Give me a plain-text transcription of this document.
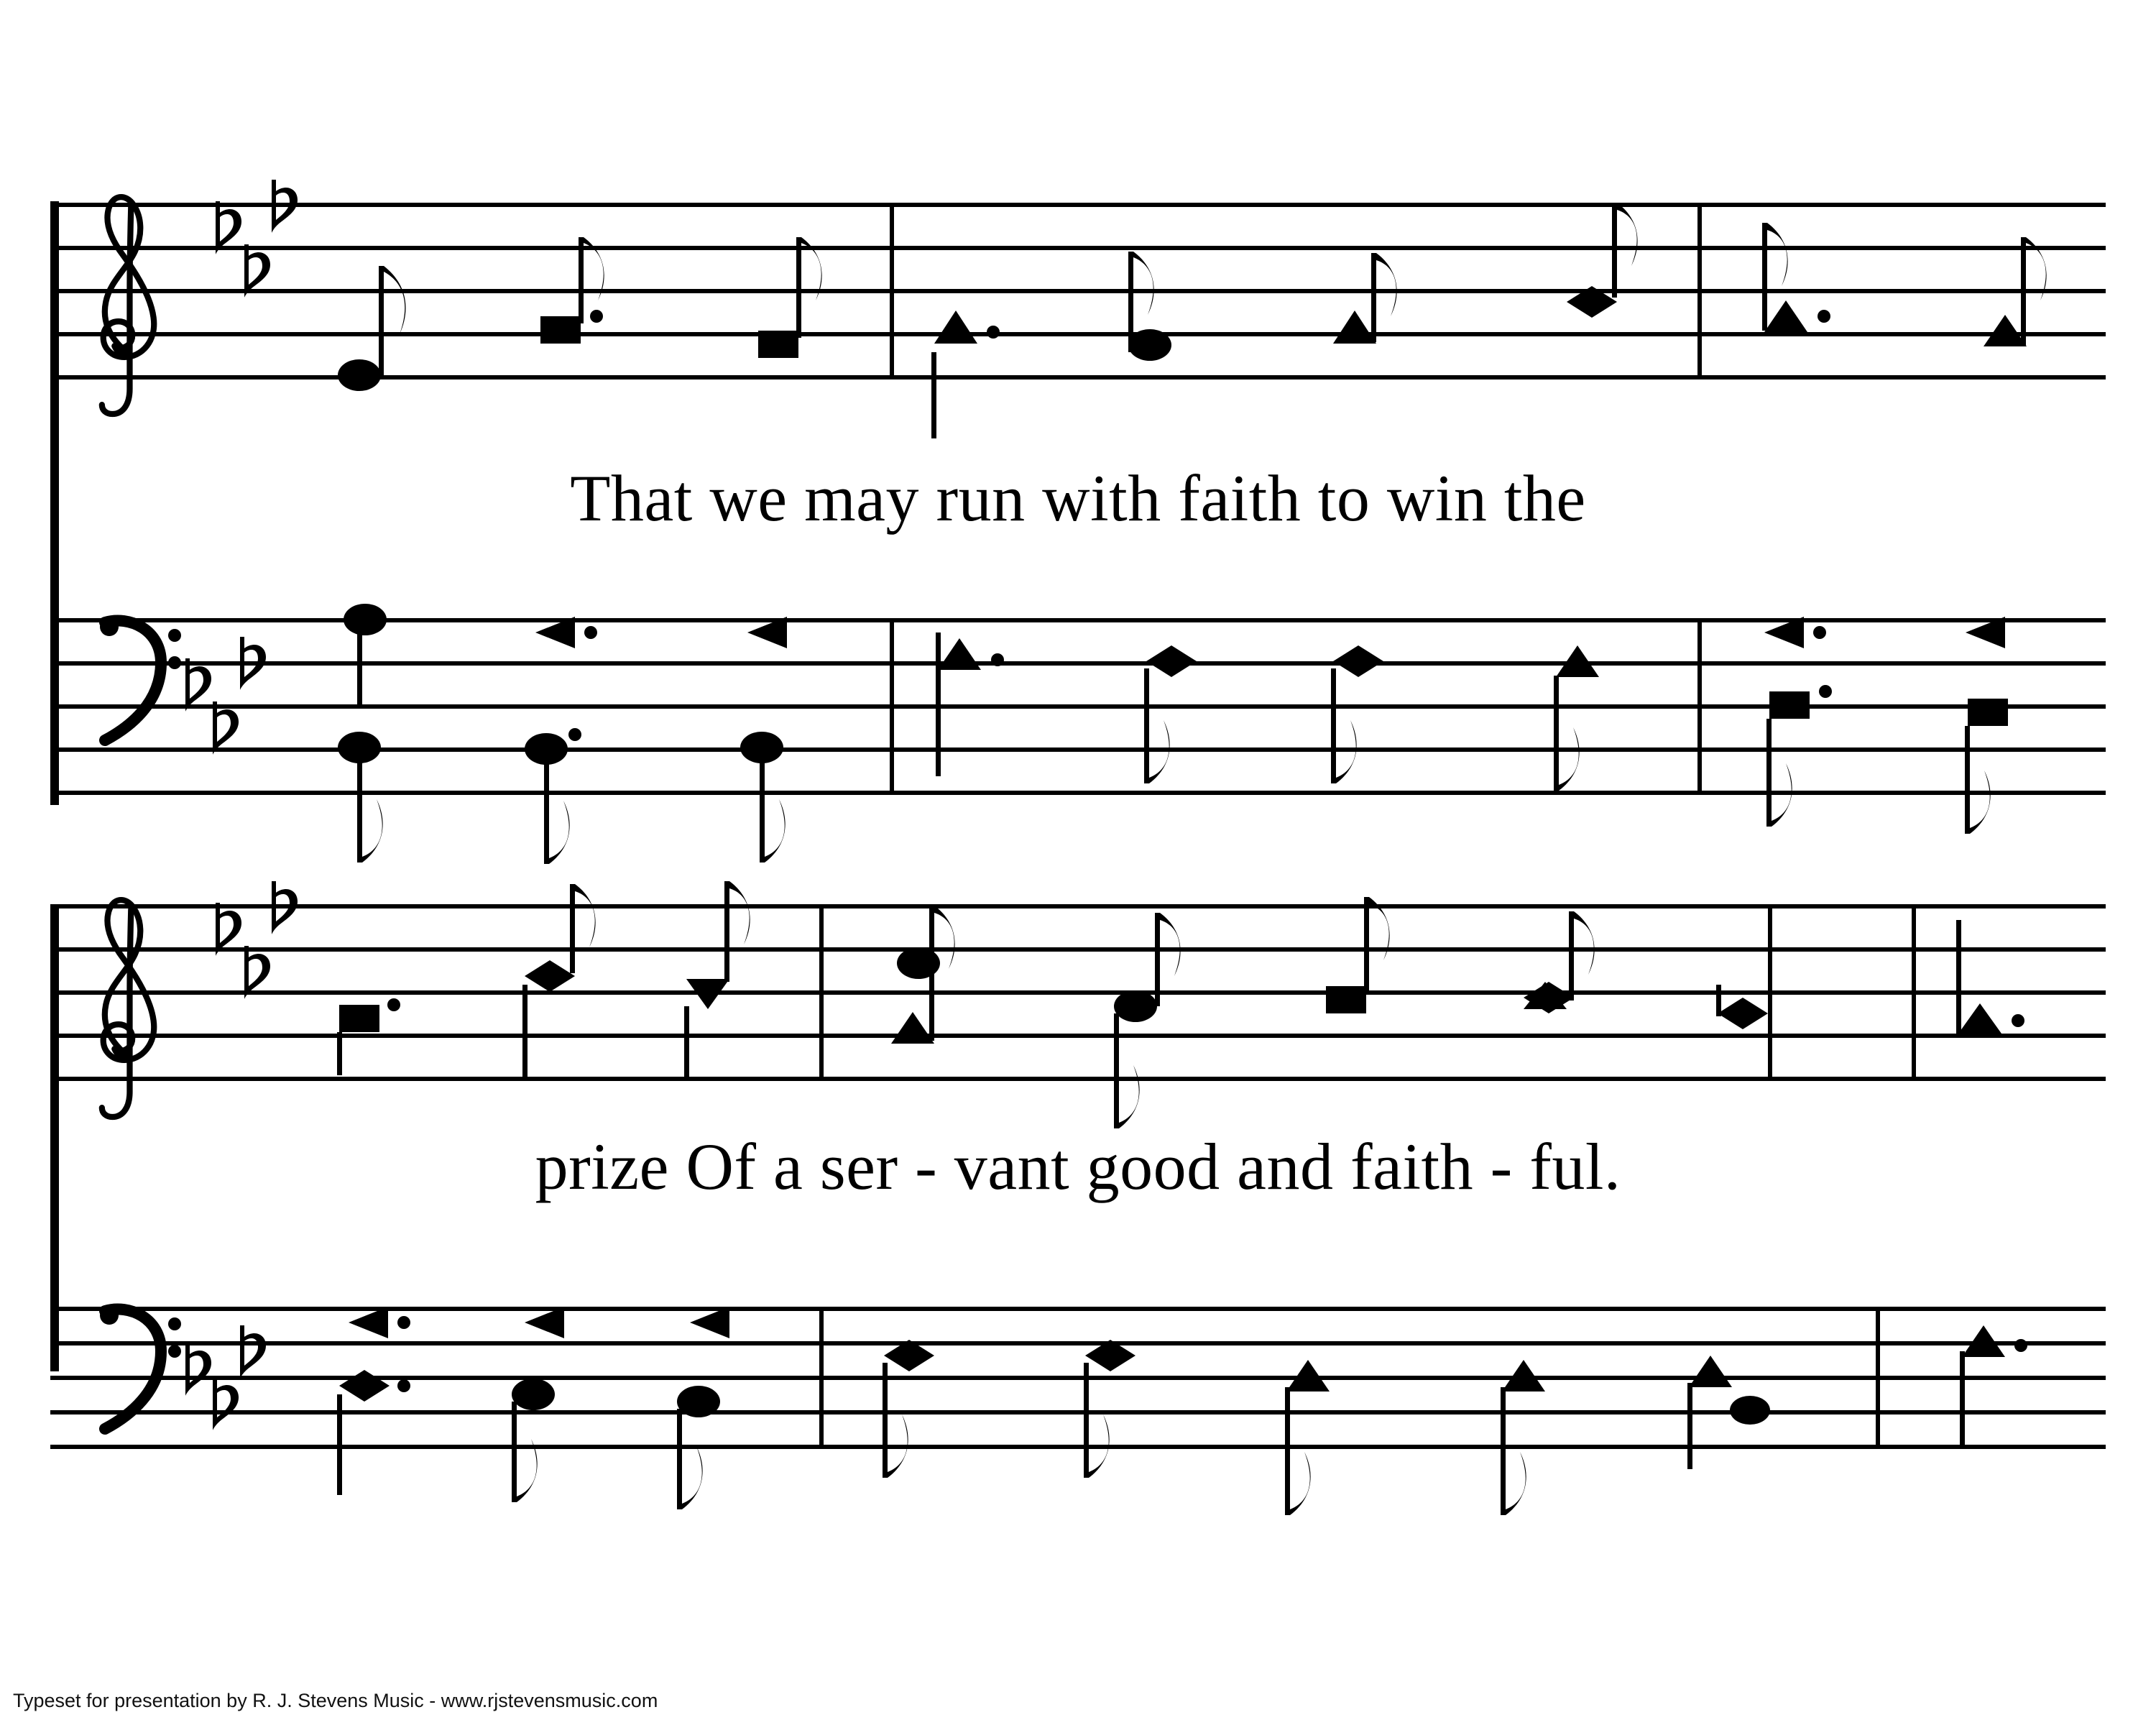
That we may run with faith to win the
prize Of a ser - vant good and faith - ful.
Typeset for presentation by R. J. Stevens Music - www.rjstevensmusic.com
